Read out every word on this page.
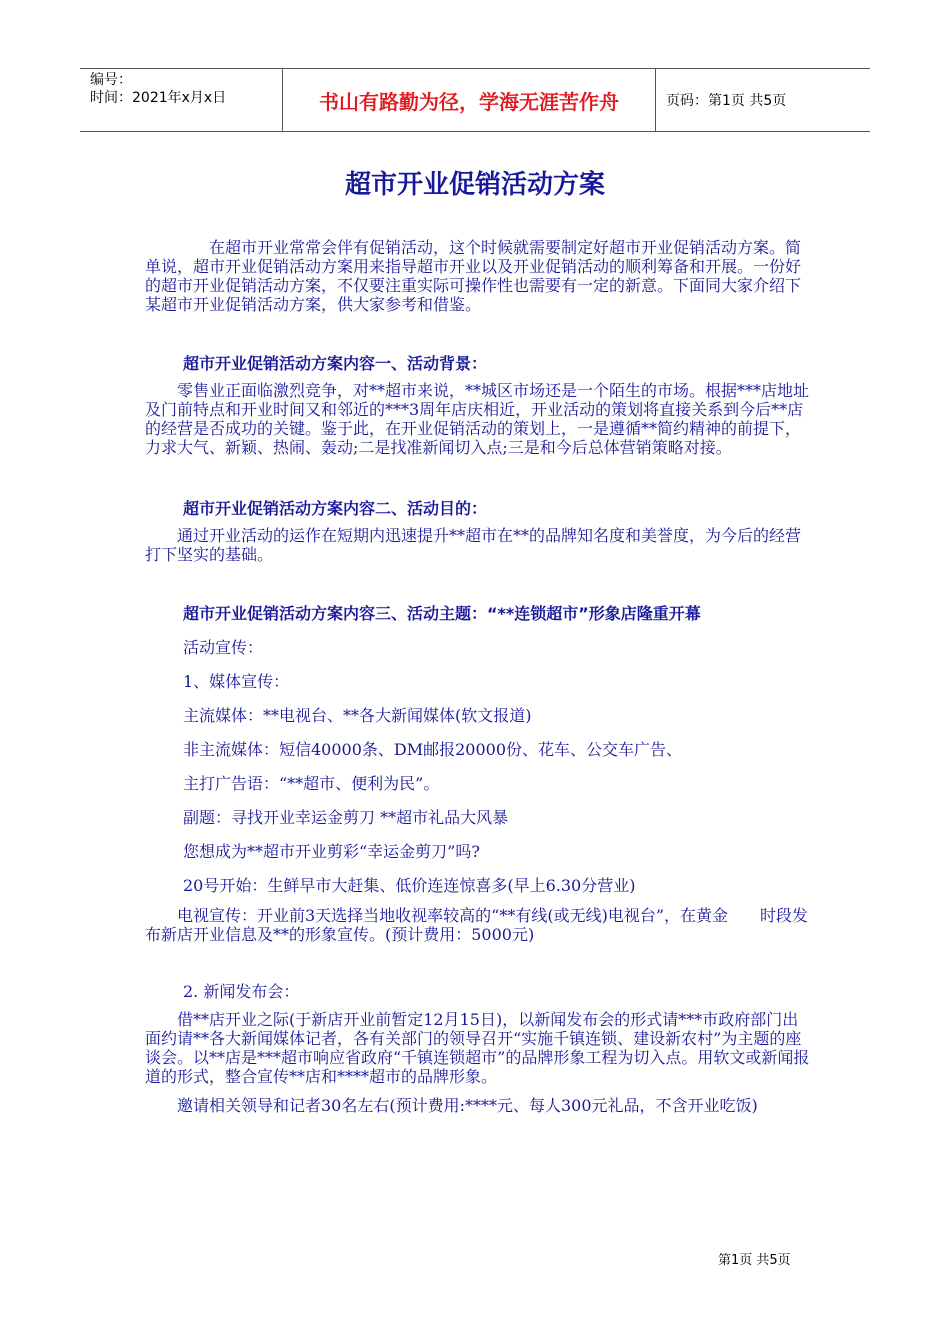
编号：
时间：2021年x月x日	书山有路勤为径，学海无涯苦作舟	页码：第1页 共5页
超市开业促销活动方案

在超市开业常常会伴有促销活动，这个时候就需要制定好超市开业促销活动方案。简单说，超市开业促销活动方案用来指导超市开业以及开业促销活动的顺利筹备和开展。一份好的超市开业促销活动方案，不仅要注重实际可操作性也需要有一定的新意。下面同大家介绍下某超市开业促销活动方案，供大家参考和借鉴。

超市开业促销活动方案内容一、活动背景：

零售业正面临激烈竞争，对**超市来说，**城区市场还是一个陌生的市场。根据***店地址及门前特点和开业时间又和邻近的***3周年店庆相近，开业活动的策划将直接关系到今后**店的经营是否成功的关键。鉴于此，在开业促销活动的策划上，一是遵循**简约精神的前提下，力求大气、新颖、热闹、轰动;二是找准新闻切入点;三是和今后总体营销策略对接。

超市开业促销活动方案内容二、活动目的：

通过开业活动的运作在短期内迅速提升**超市在**的品牌知名度和美誉度，为今后的经营打下坚实的基础。

超市开业促销活动方案内容三、活动主题：“**连锁超市”形象店隆重开幕

活动宣传：

1、媒体宣传：

主流媒体：**电视台、**各大新闻媒体(软文报道)

非主流媒体：短信40000条、DM邮报20000份、花车、公交车广告、

主打广告语：“**超市、便利为民”。

副题：寻找开业幸运金剪刀 **超市礼品大风暴

您想成为**超市开业剪彩“幸运金剪刀”吗?

20号开始：生鲜早市大赶集、低价连连惊喜多(早上6.30分营业)

电视宣传：开业前3天选择当地收视率较高的“**有线(或无线)电视台”，在黄金　　时段发布新店开业信息及**的形象宣传。(预计费用：5000元)

2. 新闻发布会：

借**店开业之际(于新店开业前暂定12月15日)，以新闻发布会的形式请***市政府部门出面约请**各大新闻媒体记者，各有关部门的领导召开“实施千镇连锁、建设新农村”为主题的座谈会。以**店是***超市响应省政府“千镇连锁超市”的品牌形象工程为切入点。用软文或新闻报道的形式，整合宣传**店和****超市的品牌形象。

邀请相关领导和记者30名左右(预计费用:****元、每人300元礼品，不含开业吃饭)

第1页 共5页
